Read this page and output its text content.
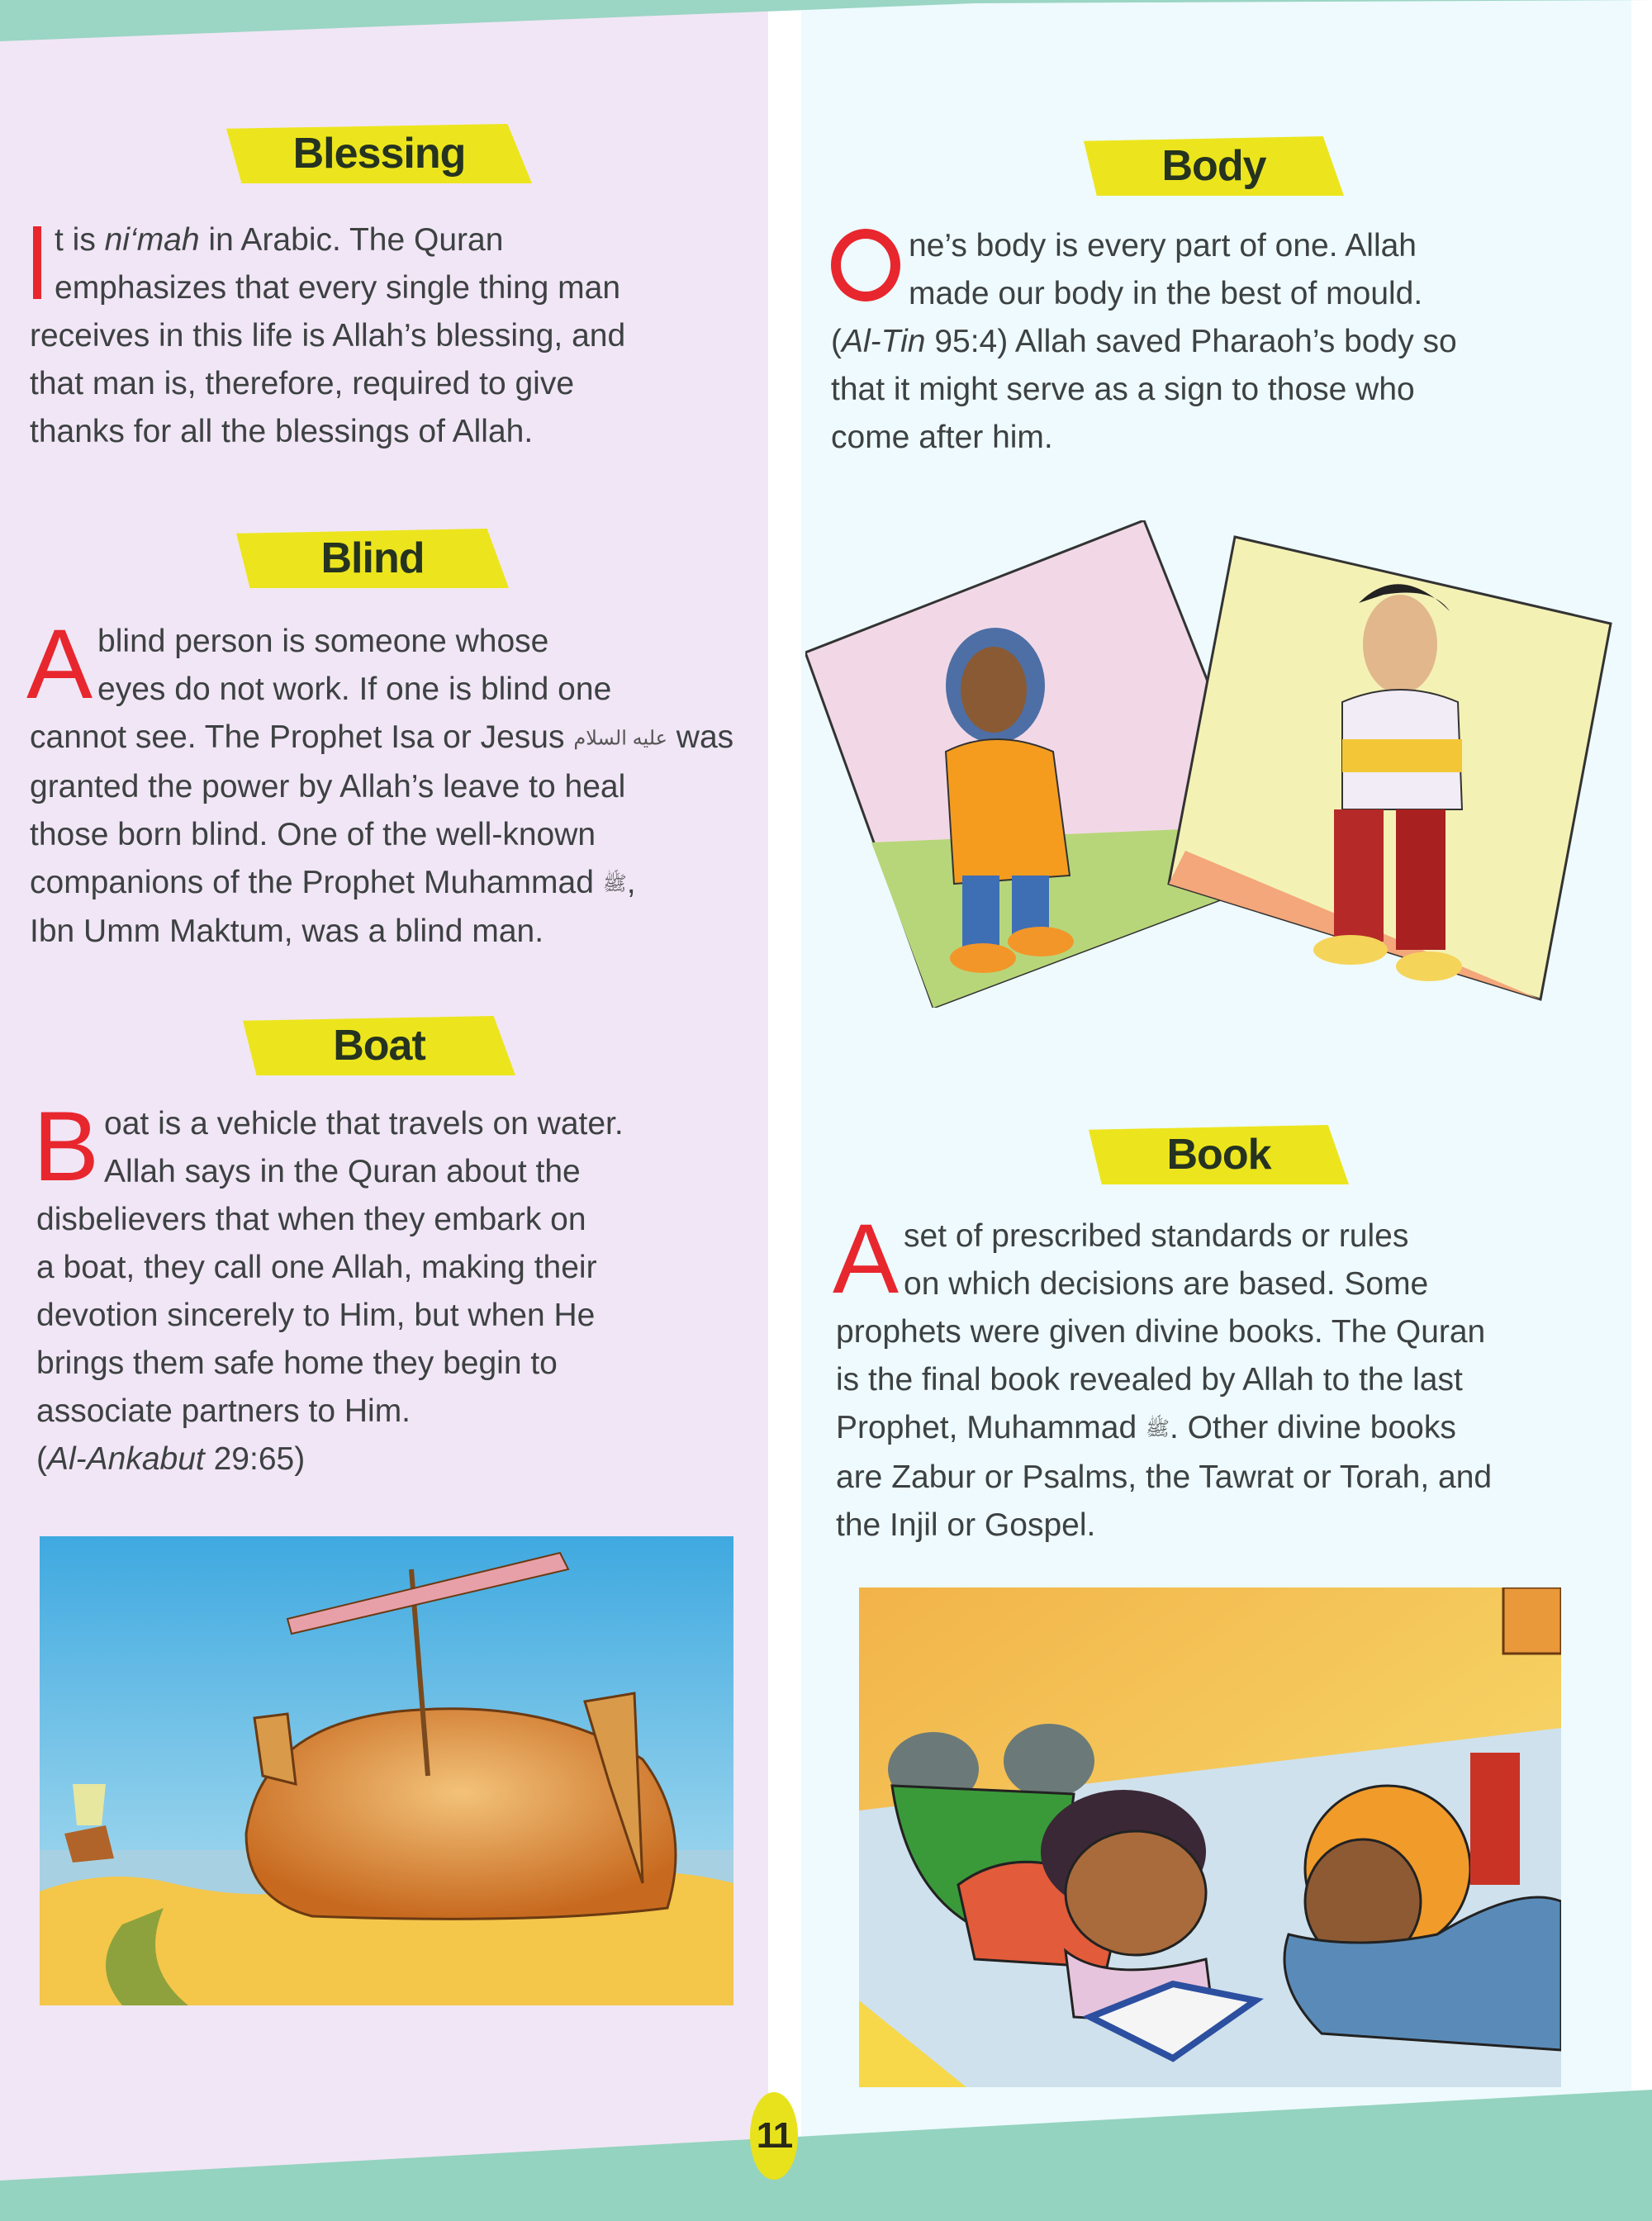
Blessing
t is ni‘mah in Arabic. The Quran
emphasizes that every single thing man
receives in this life is Allah’s blessing, and
that man is, therefore, required to give
thanks for all the blessings of Allah.
Blind
A blind person is someone whose
eyes do not work. If one is blind one
cannot see. The Prophet Isa or Jesus عليه السلام was
granted the power by Allah’s leave to heal
those born blind. One of the well-known
companions of the Prophet Muhammad ﷺ,
Ibn Umm Maktum, was a blind man.
Boat
B oat is a vehicle that travels on water.
Allah says in the Quran about the
disbelievers that when they embark on
a boat, they call one Allah, making their
devotion sincerely to Him, but when He
brings them safe home they begin to
associate partners to Him.
(Al-Ankabut 29:65)
Body
ne’s body is every part of one. Allah
made our body in the best of mould.
(Al-Tin 95:4) Allah saved Pharaoh’s body so
that it might serve as a sign to those who
come after him.
Book
A set of prescribed standards or rules
on which decisions are based. Some
prophets were given divine books. The Quran
is the final book revealed by Allah to the last
Prophet, Muhammad ﷺ. Other divine books
are Zabur or Psalms, the Tawrat or Torah, and
the Injil or Gospel.
11
